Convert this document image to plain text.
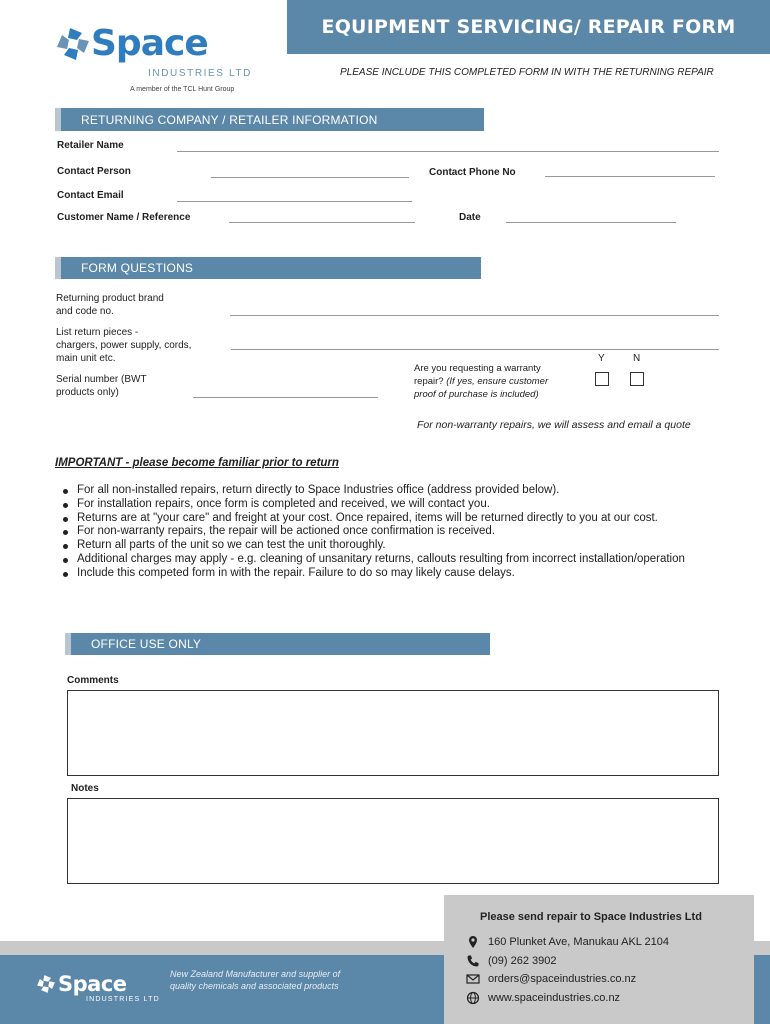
EQUIPMENT SERVICING/ REPAIR FORM
PLEASE INCLUDE THIS COMPLETED FORM IN WITH THE RETURNING REPAIR
Space
INDUSTRIES LTD
A member of the TCL Hunt Group
RETURNING COMPANY / RETAILER INFORMATION
Retailer Name
Contact Person	Contact Phone No
Contact Email
Customer Name / Reference	Date
FORM QUESTIONS
Returning product brand
and code no.
List return pieces -
chargers, power supply, cords,
main unit etc.
Serial number (BWT
products only)
Are you requesting a warranty
repair? (If yes, ensure customer
proof of purchase is included)
Y	N
For non-warranty repairs, we will assess and email a quote
IMPORTANT - please become familiar prior to return
For all non-installed repairs, return directly to Space Industries office (address provided below).
For installation repairs, once form is completed and received, we will contact you.
Returns are at "your care" and freight at your cost. Once repaired, items will be returned directly to you at our cost.
For non-warranty repairs, the repair will be actioned once confirmation is received.
Return all parts of the unit so we can test the unit thoroughly.
Additional charges may apply - e.g. cleaning of unsanitary returns, callouts resulting from incorrect installation/operation
Include this competed form in with the repair. Failure to do so may likely cause delays.
OFFICE USE ONLY
Comments
Notes
Please send repair to Space Industries Ltd
160 Plunket Ave, Manukau AKL 2104
(09) 262 3902
orders@spaceindustries.co.nz
www.spaceindustries.co.nz
Space
INDUSTRIES LTD
New Zealand Manufacturer and supplier of
quality chemicals and associated products
